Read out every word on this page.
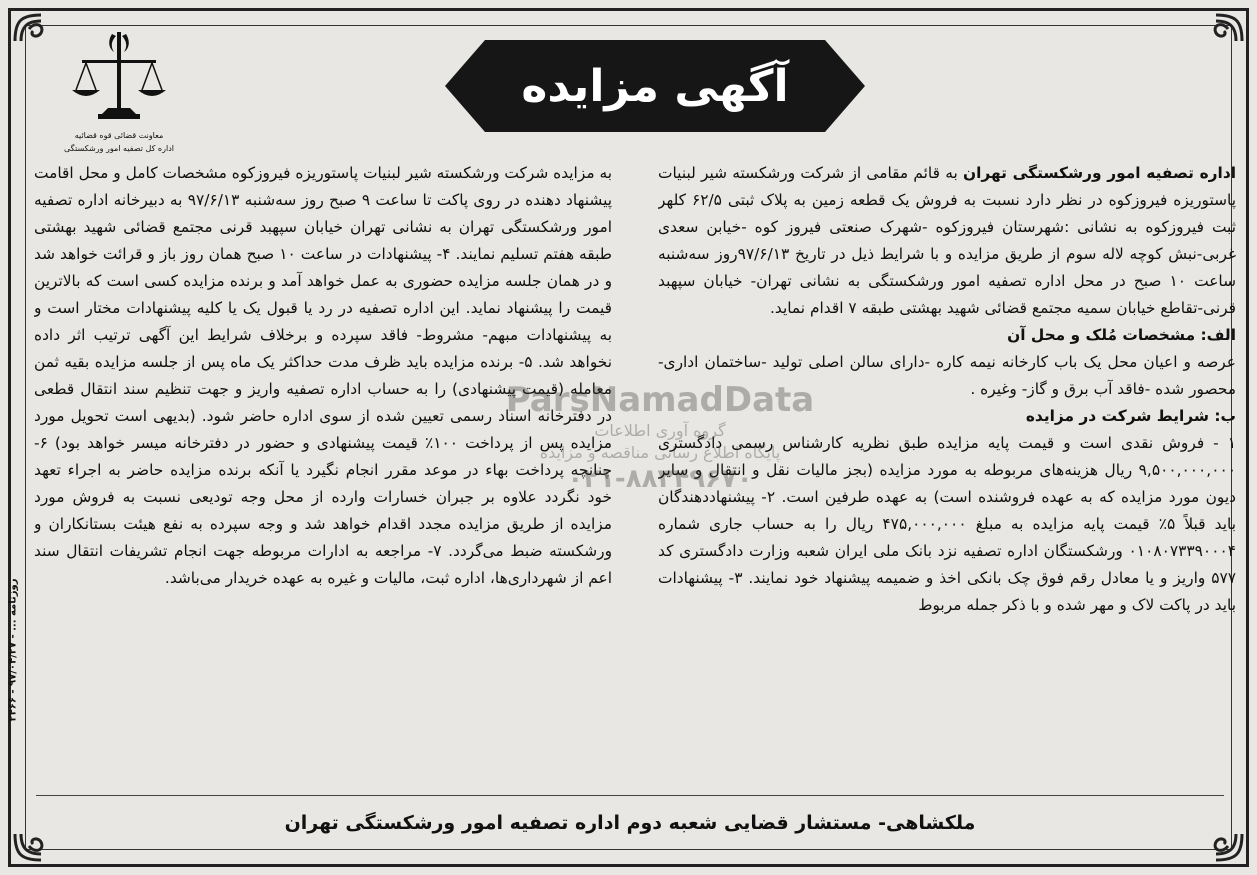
معاونت قضائی قوه قضائیه
اداره کل تصفیه امور ورشکستگی
آگهی مزایده

اداره تصفیه امور ورشکستگی تهران به قائم مقامی از شرکت ورشکسته شیر لبنیات پاستوریزه فیروزکوه در نظر دارد نسبت به فروش یک قطعه زمین به پلاک ثبتی ۶۲/۵ کلهر ثبت فیروزکوه به نشانی :شهرستان فیروزکوه -شهرک صنعتی فیروز کوه -خیابن سعدی غربی-نبش کوچه لاله سوم از طریق مزایده و با شرایط ذیل در تاریخ ۹۷/۶/۱۳روز سه‌شنبه ساعت ۱۰ صبح در محل اداره تصفیه امور ورشکستگی به نشانی تهران- خیابان سپهبد قرنی-تقاطع خیابان سمیه مجتمع قضائی شهید بهشتی طبقه ۷ اقدام نماید.

الف: مشخصات مُلک و محل آن

عرصه و اعیان محل یک باب کارخانه نیمه کاره -دارای سالن اصلی تولید -ساختمان اداری-محصور شده -فاقد آب برق و گاز- وغیره .

ب: شرایط شرکت در مزایده

۱ - فروش نقدی است و قیمت پایه مزایده طبق نظریه کارشناس رسمی دادگستری ۹,۵۰۰,۰۰۰,۰۰۰ ریال هزینه‌های مربوطه به مورد مزایده (بجز مالیات نقل و انتقال و سایر دیون مورد مزایده که به عهده فروشنده است) به عهده طرفین است. ۲- پیشنهاددهندگان باید قبلاً ۵٪ قیمت پایه مزایده به مبلغ ۴۷۵,۰۰۰,۰۰۰ ریال را به حساب جاری شماره ۰۱۰۸۰۷۳۳۹۰۰۰۴ ورشکستگان اداره تصفیه نزد بانک ملی ایران شعبه وزارت دادگستری کد ۵۷۷ واریز و یا معادل رقم فوق چک بانکی اخذ و ضمیمه پیشنهاد خود نمایند. ۳- پیشنهادات باید در پاکت لاک و مهر شده و با ذکر جمله مربوط

به مزایده شرکت ورشکسته شیر لبنیات پاستوریزه فیروزکوه مشخصات کامل و محل اقامت پیشنهاد دهنده در روی پاکت تا ساعت ۹ صبح روز سه‌شنبه ۹۷/۶/۱۳ به دبیرخانه اداره تصفیه امور ورشکستگی تهران به نشانی تهران خیابان سپهبد قرنی مجتمع قضائی شهید بهشتی طبقه هفتم تسلیم نمایند. ۴- پیشنهادات در ساعت ۱۰ صبح همان روز باز و قرائت خواهد شد و در همان جلسه مزایده حضوری به عمل خواهد آمد و برنده مزایده کسی است که بالاترین قیمت را پیشنهاد نماید. این اداره تصفیه در رد یا قبول یک یا کلیه پیشنهادات مختار است و به پیشنهادات مبهم- مشروط- فاقد سپرده و برخلاف شرایط این آگهی ترتیب اثر داده نخواهد شد. ۵- برنده مزایده باید ظرف مدت حداکثر یک ماه پس از جلسه مزایده بقیه ثمن معامله (قیمت پیشنهادی) را به حساب اداره تصفیه واریز و جهت تنظیم سند انتقال قطعی در دفترخانه اسناد رسمی تعیین شده از سوی اداره حاضر شود. (بدیهی است تحویل مورد مزایده پس از پرداخت ۱۰۰٪ قیمت پیشنهادی و حضور در دفترخانه میسر خواهد بود) ۶- چنانچه پرداخت بهاء در موعد مقرر انجام نگیرد یا آنکه برنده مزایده حاضر به اجراء تعهد خود نگردد علاوه بر جبران خسارات وارده از محل وجه تودیعی نسبت به فروش مورد مزایده از طریق مزایده مجدد اقدام خواهد شد و وجه سپرده به نفع هیئت بستانکاران و ورشکسته ضبط می‌گردد. ۷- مراجعه به ادارات مربوطه جهت انجام تشریفات انتقال سند اعم از شهرداری‌ها، اداره ثبت، مالیات و غیره به عهده خریدار می‌باشد.

ParsNamadData
گروه آوری اطلاعات
پایگاه اطلاع رسانی مناقصه و مزایده
۰۲۱-۸۸۳۴۹۶۷۰
ملکشاهی- مستشار قضایی شعبه دوم اداره تصفیه امور ورشکستگی تهران
روزنامه ... - ۹۷/۰۴/۲۷ - ۲۴۶۶
